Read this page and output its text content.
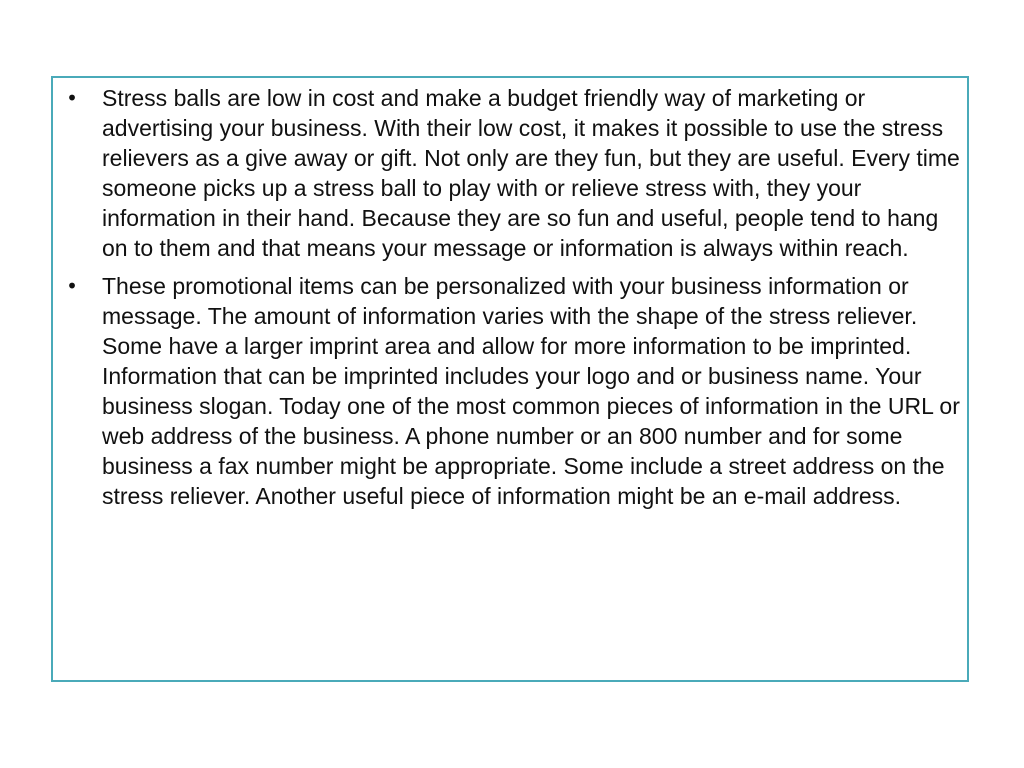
• Stress balls are low in cost and make a budget friendly way of marketing or advertising your business. With their low cost, it makes it possible to use the stress relievers as a give away or gift. Not only are they fun, but they are useful. Every time someone picks up a stress ball to play with or relieve stress with, they your information in their hand. Because they are so fun and useful, people tend to hang on to them and that means your message or information is always within reach.
• These promotional items can be personalized with your business information or message. The amount of information varies with the shape of the stress reliever. Some have a larger imprint area and allow for more information to be imprinted. Information that can be imprinted includes your logo and or business name. Your business slogan. Today one of the most common pieces of information in the URL or web address of the business. A phone number or an 800 number and for some business a fax number might be appropriate. Some include a street address on the stress reliever. Another useful piece of information might be an e-mail address.
